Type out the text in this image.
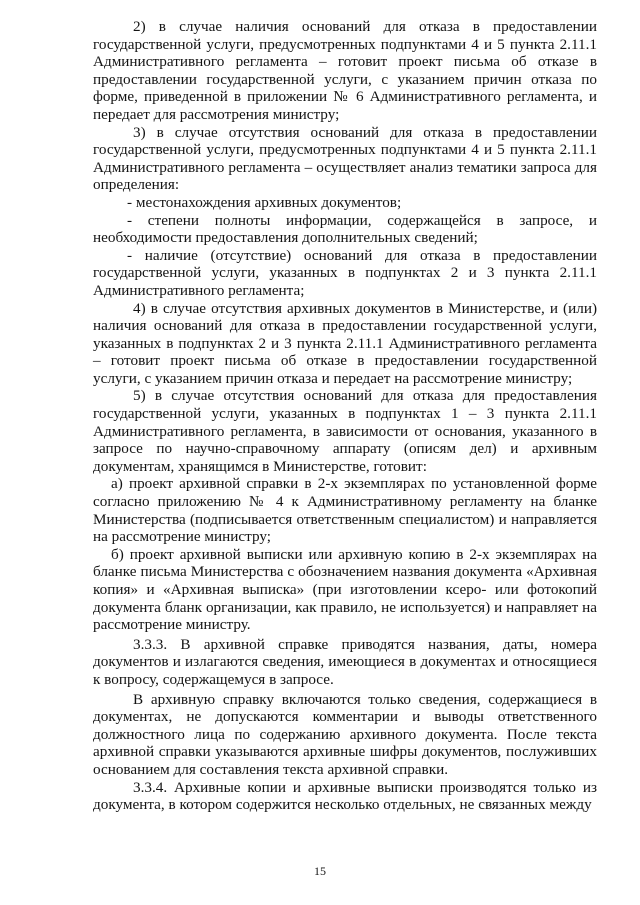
2) в случае наличия оснований для отказа в предоставлении государственной услуги, предусмотренных подпунктами 4 и 5 пункта 2.11.1 Административного регламента – готовит проект письма об отказе в предоставлении государственной услуги, с указанием причин отказа по форме, приведенной в приложении № 6 Административного регламента, и передает для рассмотрения министру;

3) в случае отсутствия оснований для отказа в предоставлении государственной услуги, предусмотренных подпунктами 4 и 5 пункта 2.11.1 Административного регламента – осуществляет анализ тематики запроса для определения:

- местонахождения архивных документов;

- степени полноты информации, содержащейся в запросе, и необходимости предоставления дополнительных сведений;

- наличие (отсутствие) оснований для отказа в предоставлении государственной услуги, указанных в подпунктах 2 и 3 пункта 2.11.1 Административного регламента;

4) в случае отсутствия архивных документов в Министерстве, и (или) наличия оснований для отказа в предоставлении государственной услуги, указанных в подпунктах 2 и 3 пункта 2.11.1 Административного регламента – готовит проект письма об отказе в предоставлении государственной услуги, с указанием причин отказа и передает на рассмотрение министру;

5) в случае отсутствия оснований для отказа для предоставления государственной услуги, указанных в подпунктах 1 – 3 пункта 2.11.1 Административного регламента, в зависимости от основания, указанного в запросе по научно-справочному аппарату (описям дел) и архивным документам, хранящимся в Министерстве, готовит:

а) проект архивной справки в 2-х экземплярах по установленной форме согласно приложению № 4 к Административному регламенту на бланке Министерства (подписывается ответственным специалистом) и направляется на рассмотрение министру;

б) проект архивной выписки или архивную копию в 2-х экземплярах на бланке письма Министерства с обозначением названия документа «Архивная копия» и «Архивная выписка» (при изготовлении ксеро- или фотокопий документа бланк организации, как правило, не используется) и направляет на рассмотрение министру.

3.3.3. В архивной справке приводятся названия, даты, номера документов и излагаются сведения, имеющиеся в документах и относящиеся к вопросу, содержащемуся в запросе.

В архивную справку включаются только сведения, содержащиеся в документах, не допускаются комментарии и выводы ответственного должностного лица по содержанию архивного документа. После текста архивной справки указываются архивные шифры документов, послуживших основанием для составления текста архивной справки.

3.3.4. Архивные копии и архивные выписки производятся только из документа, в котором содержится несколько отдельных, не связанных между

15
